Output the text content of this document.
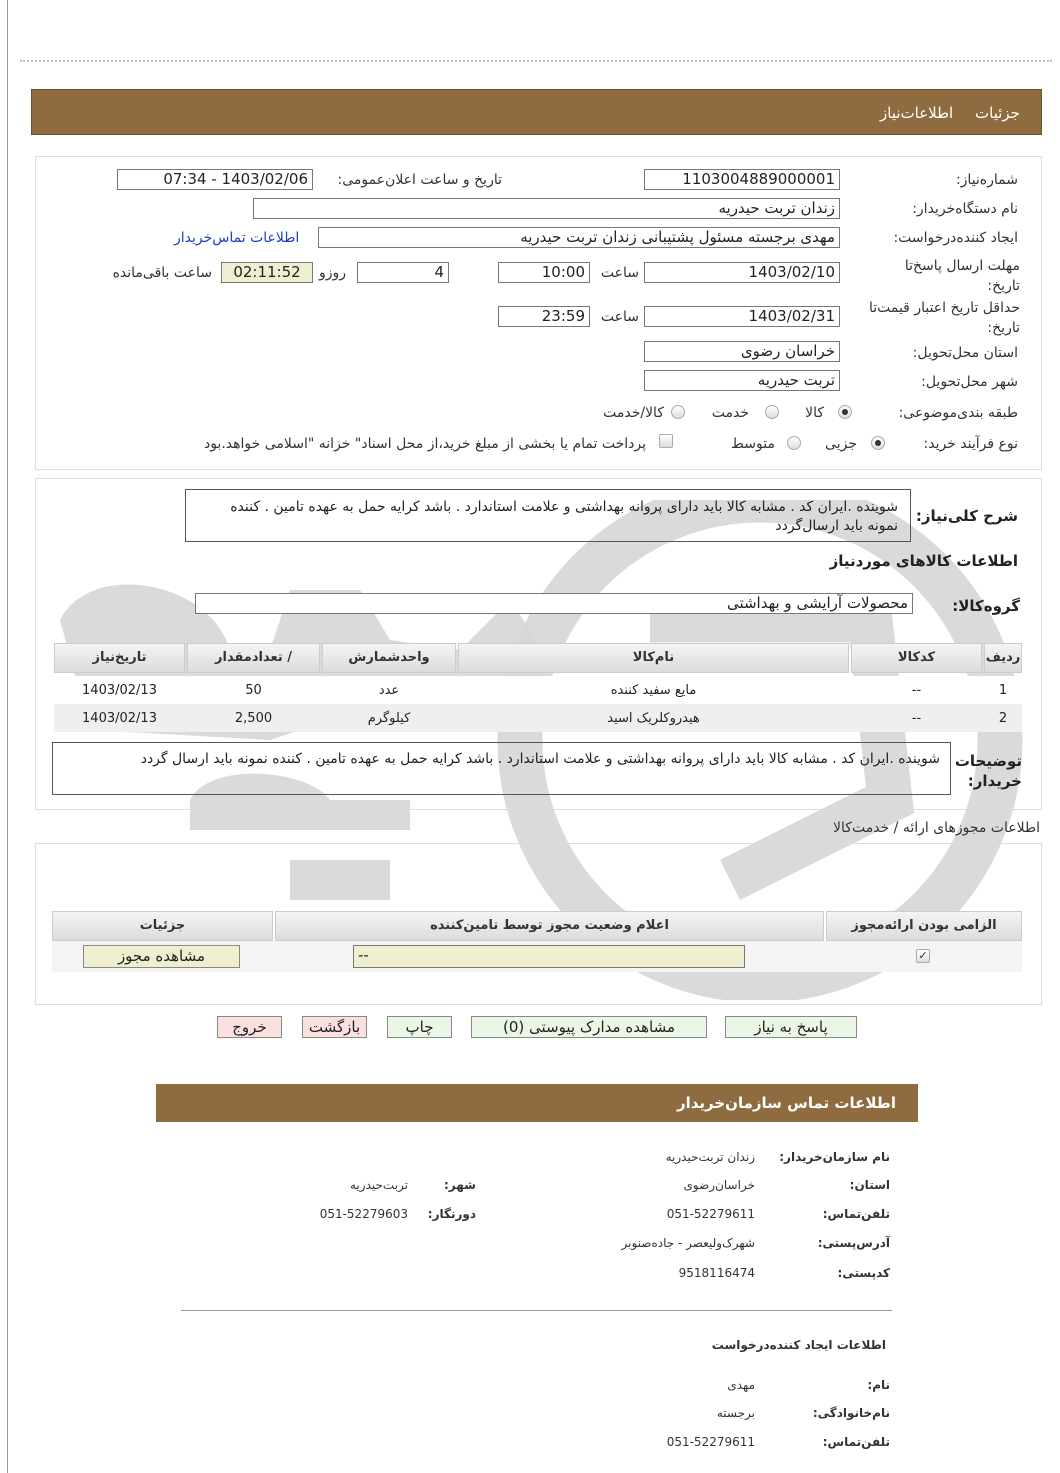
جزئیات
اطلاعات‌نیاز
شماره‌نیاز:
1103004889000001
تاریخ و ساعت اعلان‌عمومی:
1403/02/06 - 07:34
نام دستگاه‌خریدار:
زندان تربت حیدریه
ایجاد کننده‌درخواست:
مهدی برجسته مسئول پشتیبانی زندان تربت حیدریه
اطلاعات تماس‌خریدار
مهلت ارسال پاسخ‌تا تاریخ:
1403/02/10
ساعت
10:00
4
روزو
02:11:52
ساعت باقی‌مانده
حداقل تاریخ اعتبار قیمت‌تا تاریخ:
1403/02/31
ساعت
23:59
استان محل‌تحویل:
خراسان رضوی
شهر محل‌تحویل:
تربت حیدریه
طبقه بندی‌موضوعی:
کالا
خدمت
کالا/خدمت
نوع فرآیند خرید:
جزیی
متوسط
پرداخت تمام یا بخشی از مبلغ خرید،از محل اسناد" خزانه "اسلامی خواهد.بود
شرح کلی‌نیاز:
شوینده .ایران کد . مشابه کالا باید دارای پروانه بهداشتی و علامت استاندارد . باشد کرایه حمل به عهده تامین . کننده نمونه باید ارسال‌گردد
اطلاعات کالاهای موردنیاز
گروه‌کالا:
محصولات آرایشی و بهداشتی
ردیف
کدکالا
نام‌کالا
واحدشمارش
/ تعدادمقدار
تاریخ‌نیاز
1
--
مایع سفید کننده
عدد
50
1403/02/13
2
--
هیدروکلریک اسید
کیلوگرم
2,500
1403/02/13
توضیحات خریدار:
شوینده .ایران کد . مشابه کالا باید دارای پروانه بهداشتی و علامت استاندارد . باشد کرایه حمل به عهده تامین . کننده نمونه باید ارسال گردد
اطلاعات مجوزهای ارائه / خدمت‌کالا
الزامی بودن ارائه‌مجوز
اعلام وضعیت مجوز توسط تامین‌کننده
جزئیات
✓
--
مشاهده مجوز
پاسخ به نیاز
مشاهده مدارک پیوستی (0)
چاپ
بازگشت
خروج
اطلاعات تماس سازمان‌خریدار
نام سازمان‌خریدار:
زندان تربت‌حیدریه
استان:
خراسان‌رضوی
شهر:
تربت‌حیدریه
تلفن‌تماس:
051-52279611
دورنگار:
051-52279603
آدرس‌پستی:
شهرک‌ولیعصر - جاده‌صنوبر
کدپستی:
9518116474
اطلاعات ایجاد کننده‌درخواست
نام:
مهدی
نام‌خانوادگی:
برجسته
تلفن‌تماس:
051-52279611
